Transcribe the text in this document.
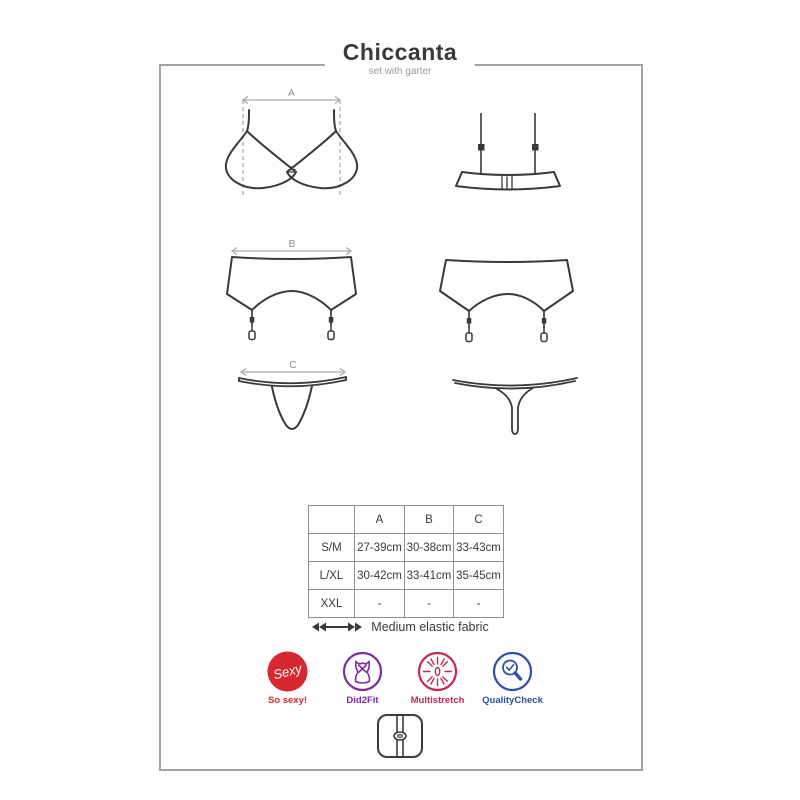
Chiccanta
set with garter
A
B
C
	A	B	C
S/M	27-39cm	30-38cm	33-43cm
L/XL	30-42cm	33-41cm	35-45cm
XXL	-	-	-
Medium elastic fabric
Sexy
So sexy!	Did2Fit	Multistretch QualityCheck
